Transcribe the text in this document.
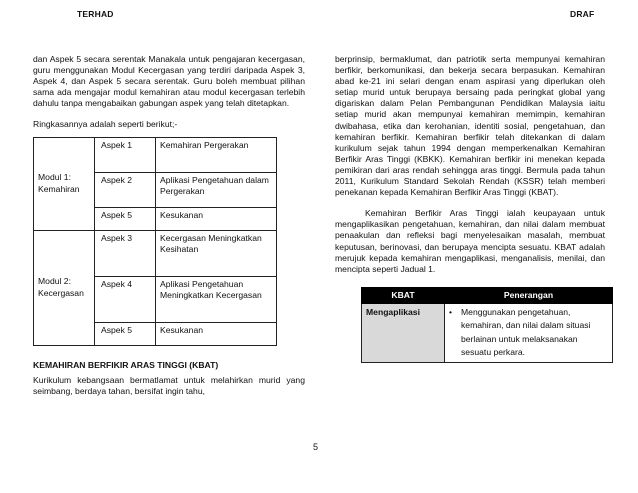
TERHAD	DRAF

dan Aspek 5 secara serentak Manakala untuk pengajaran kecergasan, guru menggunakan Modul Kecergasan yang terdiri daripada Aspek 3, Aspek 4, dan Aspek 5 secara serentak. Guru boleh membuat pilihan sama ada mengajar modul kemahiran atau modul kecergasan terlebih dahulu tanpa mengabaikan gabungan aspek yang telah ditetapkan.

Ringkasannya adalah seperti berikut;-

Modul 1: Kemahiran	Aspek 1	Kemahiran Pergerakan
	Aspek 2	Aplikasi Pengetahuan dalam Pergerakan
	Aspek 5	Kesukanan
Modul 2: Kecergasan	Aspek 3	Kecergasan Meningkatkan Kesihatan
	Aspek 4	Aplikasi Pengetahuan Meningkatkan Kecergasan
	Aspek 5	Kesukanan

KEMAHIRAN BERFIKIR ARAS TINGGI (KBAT)

Kurikulum kebangsaan bermatlamat untuk melahirkan murid yang seimbang, berdaya tahan, bersifat ingin tahu,

berprinsip, bermaklumat, dan patriotik serta mempunyai kemahiran berfikir, berkomunikasi, dan bekerja secara berpasukan. Kemahiran abad ke-21 ini selari dengan enam aspirasi yang diperlukan oleh setiap murid untuk berupaya bersaing pada peringkat global yang digariskan dalam Pelan Pembangunan Pendidikan Malaysia iaitu setiap murid akan mempunyai kemahiran memimpin, kemahiran dwibahasa, etika dan kerohanian, identiti sosial, pengetahuan, dan kemahiran berfikir. Kemahiran berfikir telah ditekankan di dalam kurikulum sejak tahun 1994 dengan memperkenalkan Kemahiran Berfikir Aras Tinggi (KBKK). Kemahiran berfikir ini menekan kepada pemikiran dari aras rendah sehingga aras tinggi. Bermula pada tahun 2011, Kurikulum Standard Sekolah Rendah (KSSR) telah memberi penekanan kepada Kemahiran Berfikir Aras Tinggi (KBAT).

Kemahiran Berfikir Aras Tinggi ialah keupayaan untuk mengaplikasikan pengetahuan, kemahiran, dan nilai dalam membuat penaakulan dan refleksi bagi menyelesaikan masalah, membuat keputusan, berinovasi, dan berupaya mencipta sesuatu. KBAT adalah merujuk kepada kemahiran mengaplikasi, menganalisis, menilai, dan mencipta seperti Jadual 1.

KBAT	Penerangan
Mengaplikasi	• Menggunakan pengetahuan, kemahiran, dan nilai dalam situasi berlainan untuk melaksanakan sesuatu perkara.
5
